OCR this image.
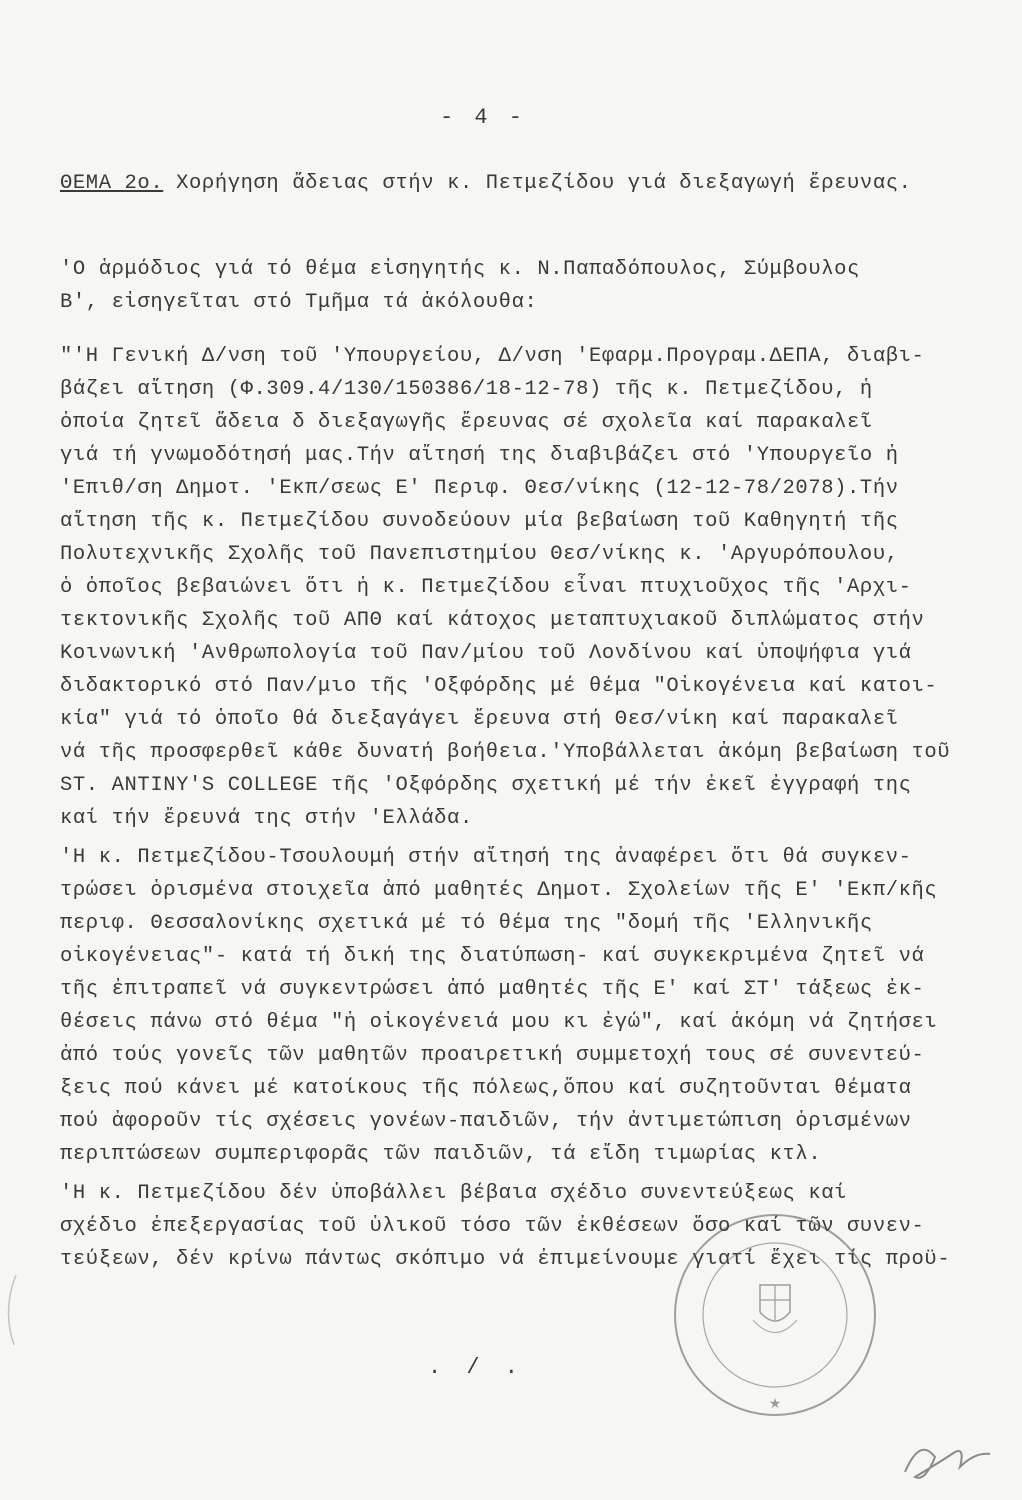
- 4 -
ΘΕΜΑ 2ο. Χορήγηση ἄδειας στήν κ. Πετμεζίδου γιά διεξαγωγή ἔρευνας.
'Ο ἁρμόδιος γιά τό θέμα εἰσηγητής κ. Ν.Παπαδόπουλος, Σύμβουλος
Β', εἰσηγεῖται στό Τμῆμα τά ἀκόλουθα:
"'Η Γενική Δ/νση τοῦ 'Υπουργείου, Δ/νση 'Εφαρμ.Προγραμ.ΔΕΠΑ, διαβι-
βάζει αἴτηση (Φ.309.4/130/150386/18-12-78) τῆς κ. Πετμεζίδου, ἡ
ὁποία ζητεῖ ἄδεια δ διεξαγωγῆς ἔρευνας σέ σχολεῖα καί παρακαλεῖ
γιά τή γνωμοδότησή μας.Τήν αἴτησή της διαβιβάζει στό 'Υπουργεῖο ἡ
'Επιθ/ση Δημοτ. 'Εκπ/σεως Ε' Περιφ. Θεσ/νίκης (12-12-78/2078).Τήν
αἴτηση τῆς κ. Πετμεζίδου συνοδεύουν μία βεβαίωση τοῦ Καθηγητή τῆς
Πολυτεχνικῆς Σχολῆς τοῦ Πανεπιστημίου Θεσ/νίκης κ. 'Αργυρόπουλου,
ὁ ὁποῖος βεβαιώνει ὅτι ἡ κ. Πετμεζίδου εἶναι πτυχιοῦχος τῆς 'Αρχι-
τεκτονικῆς Σχολῆς τοῦ ΑΠΘ καί κάτοχος μεταπτυχιακοῦ διπλώματος στήν
Κοινωνική 'Ανθρωπολογία τοῦ Παν/μίου τοῦ Λονδίνου καί ὑποψήφια γιά
διδακτορικό στό Παν/μιο τῆς 'Οξφόρδης μέ θέμα "Οἰκογένεια καί κατοι-
κία" γιά τό ὁποῖο θά διεξαγάγει ἔρευνα στή Θεσ/νίκη καί παρακαλεῖ
νά τῆς προσφερθεῖ κάθε δυνατή βοήθεια.'Υποβάλλεται ἀκόμη βεβαίωση τοῦ
ST. ANTINY'S COLLEGE τῆς 'Οξφόρδης σχετική μέ τήν ἐκεῖ ἐγγραφή της
καί τήν ἔρευνά της στήν 'Ελλάδα.
'Η κ. Πετμεζίδου-Τσουλουμή στήν αἴτησή της ἀναφέρει ὅτι θά συγκεν-
τρώσει ὁρισμένα στοιχεῖα ἀπό μαθητές Δημοτ. Σχολείων τῆς Ε' 'Εκπ/κῆς
περιφ. Θεσσαλονίκης σχετικά μέ τό θέμα της "δομή τῆς 'Ελληνικῆς
οἰκογένειας"- κατά τή δική της διατύπωση- καί συγκεκριμένα ζητεῖ νά
τῆς ἐπιτραπεῖ νά συγκεντρώσει ἀπό μαθητές τῆς Ε' καί ΣΤ' τάξεως ἐκ-
θέσεις πάνω στό θέμα "ἡ οἰκογένειά μου κι ἐγώ", καί ἀκόμη νά ζητήσει
ἀπό τούς γονεῖς τῶν μαθητῶν προαιρετική συμμετοχή τους σέ συνεντεύ-
ξεις πού κάνει μέ κατοίκους τῆς πόλεως,ὅπου καί συζητοῦνται θέματα
πού ἀφοροῦν τίς σχέσεις γονέων-παιδιῶν, τήν ἀντιμετώπιση ὁρισμένων
περιπτώσεων συμπεριφορᾶς τῶν παιδιῶν, τά εἴδη τιμωρίας κτλ.
'Η κ. Πετμεζίδου δέν ὑποβάλλει βέβαια σχέδιο συνεντεύξεως καί
σχέδιο ἐπεξεργασίας τοῦ ὑλικοῦ τόσο τῶν ἐκθέσεων ὅσο καί τῶν συνεν-
τεύξεων, δέν κρίνω πάντως σκόπιμο νά ἐπιμείνουμε γιατί ἔχει τίς προϋ-
★
. / .
